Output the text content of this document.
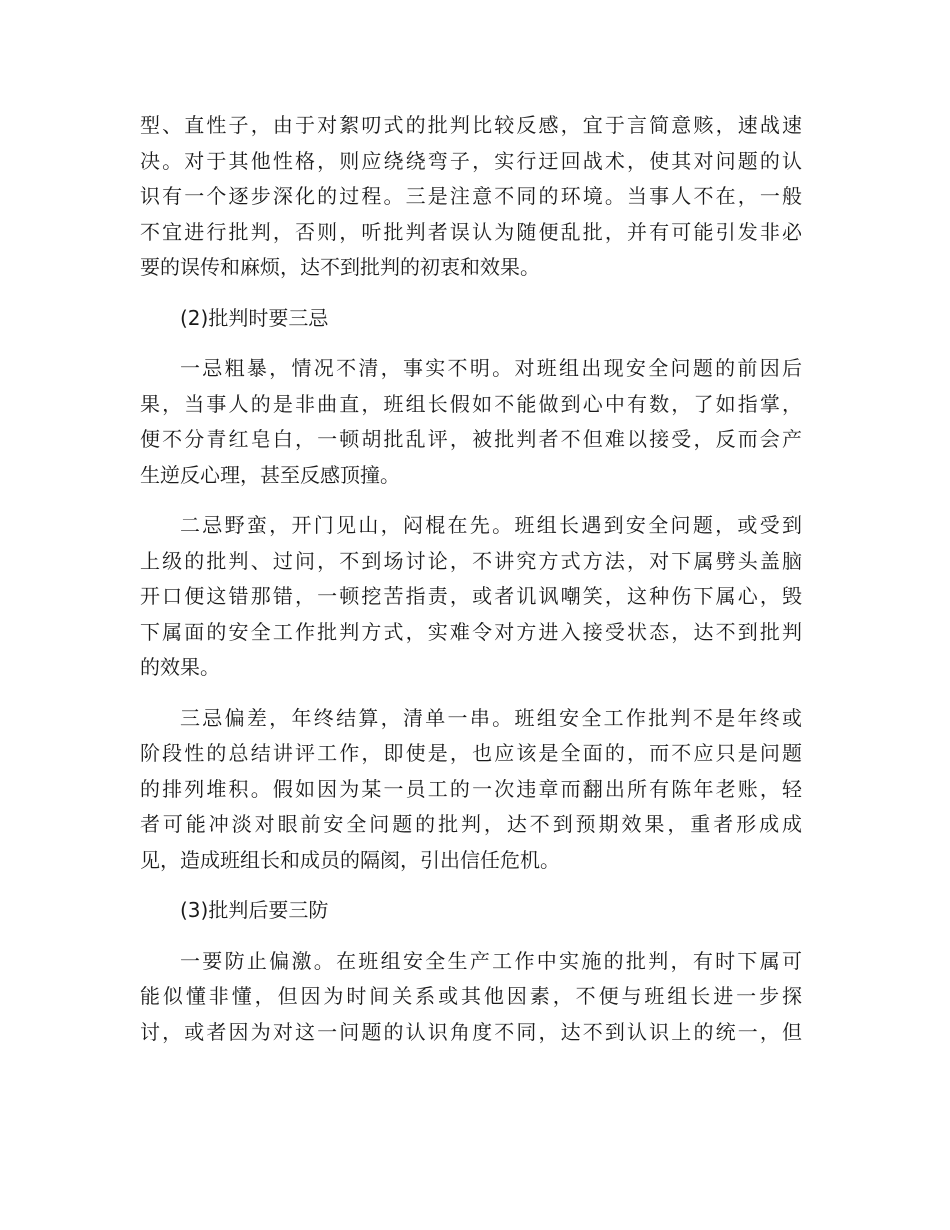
型、直性子，由于对絮叨式的批判比较反感，宜于言简意赅，速战速
决。对于其他性格，则应绕绕弯子，实行迂回战术，使其对问题的认
识有一个逐步深化的过程。三是注意不同的环境。当事人不在，一般
不宜进行批判，否则，听批判者误认为随便乱批，并有可能引发非必
要的误传和麻烦，达不到批判的初衷和效果。
(2)批判时要三忌
一忌粗暴，情况不清，事实不明。对班组出现安全问题的前因后
果，当事人的是非曲直，班组长假如不能做到心中有数，了如指掌，
便不分青红皂白，一顿胡批乱评，被批判者不但难以接受，反而会产
生逆反心理，甚至反感顶撞。
二忌野蛮，开门见山，闷棍在先。班组长遇到安全问题，或受到
上级的批判、过问，不到场讨论，不讲究方式方法，对下属劈头盖脑
开口便这错那错，一顿挖苦指责，或者讥讽嘲笑，这种伤下属心，毁
下属面的安全工作批判方式，实难令对方进入接受状态，达不到批判
的效果。
三忌偏差，年终结算，清单一串。班组安全工作批判不是年终或
阶段性的总结讲评工作，即使是，也应该是全面的，而不应只是问题
的排列堆积。假如因为某一员工的一次违章而翻出所有陈年老账，轻
者可能冲淡对眼前安全问题的批判，达不到预期效果，重者形成成
见，造成班组长和成员的隔阂，引出信任危机。
(3)批判后要三防
一要防止偏激。在班组安全生产工作中实施的批判，有时下属可
能似懂非懂，但因为时间关系或其他因素，不便与班组长进一步探
讨，或者因为对这一问题的认识角度不同，达不到认识上的统一，但
